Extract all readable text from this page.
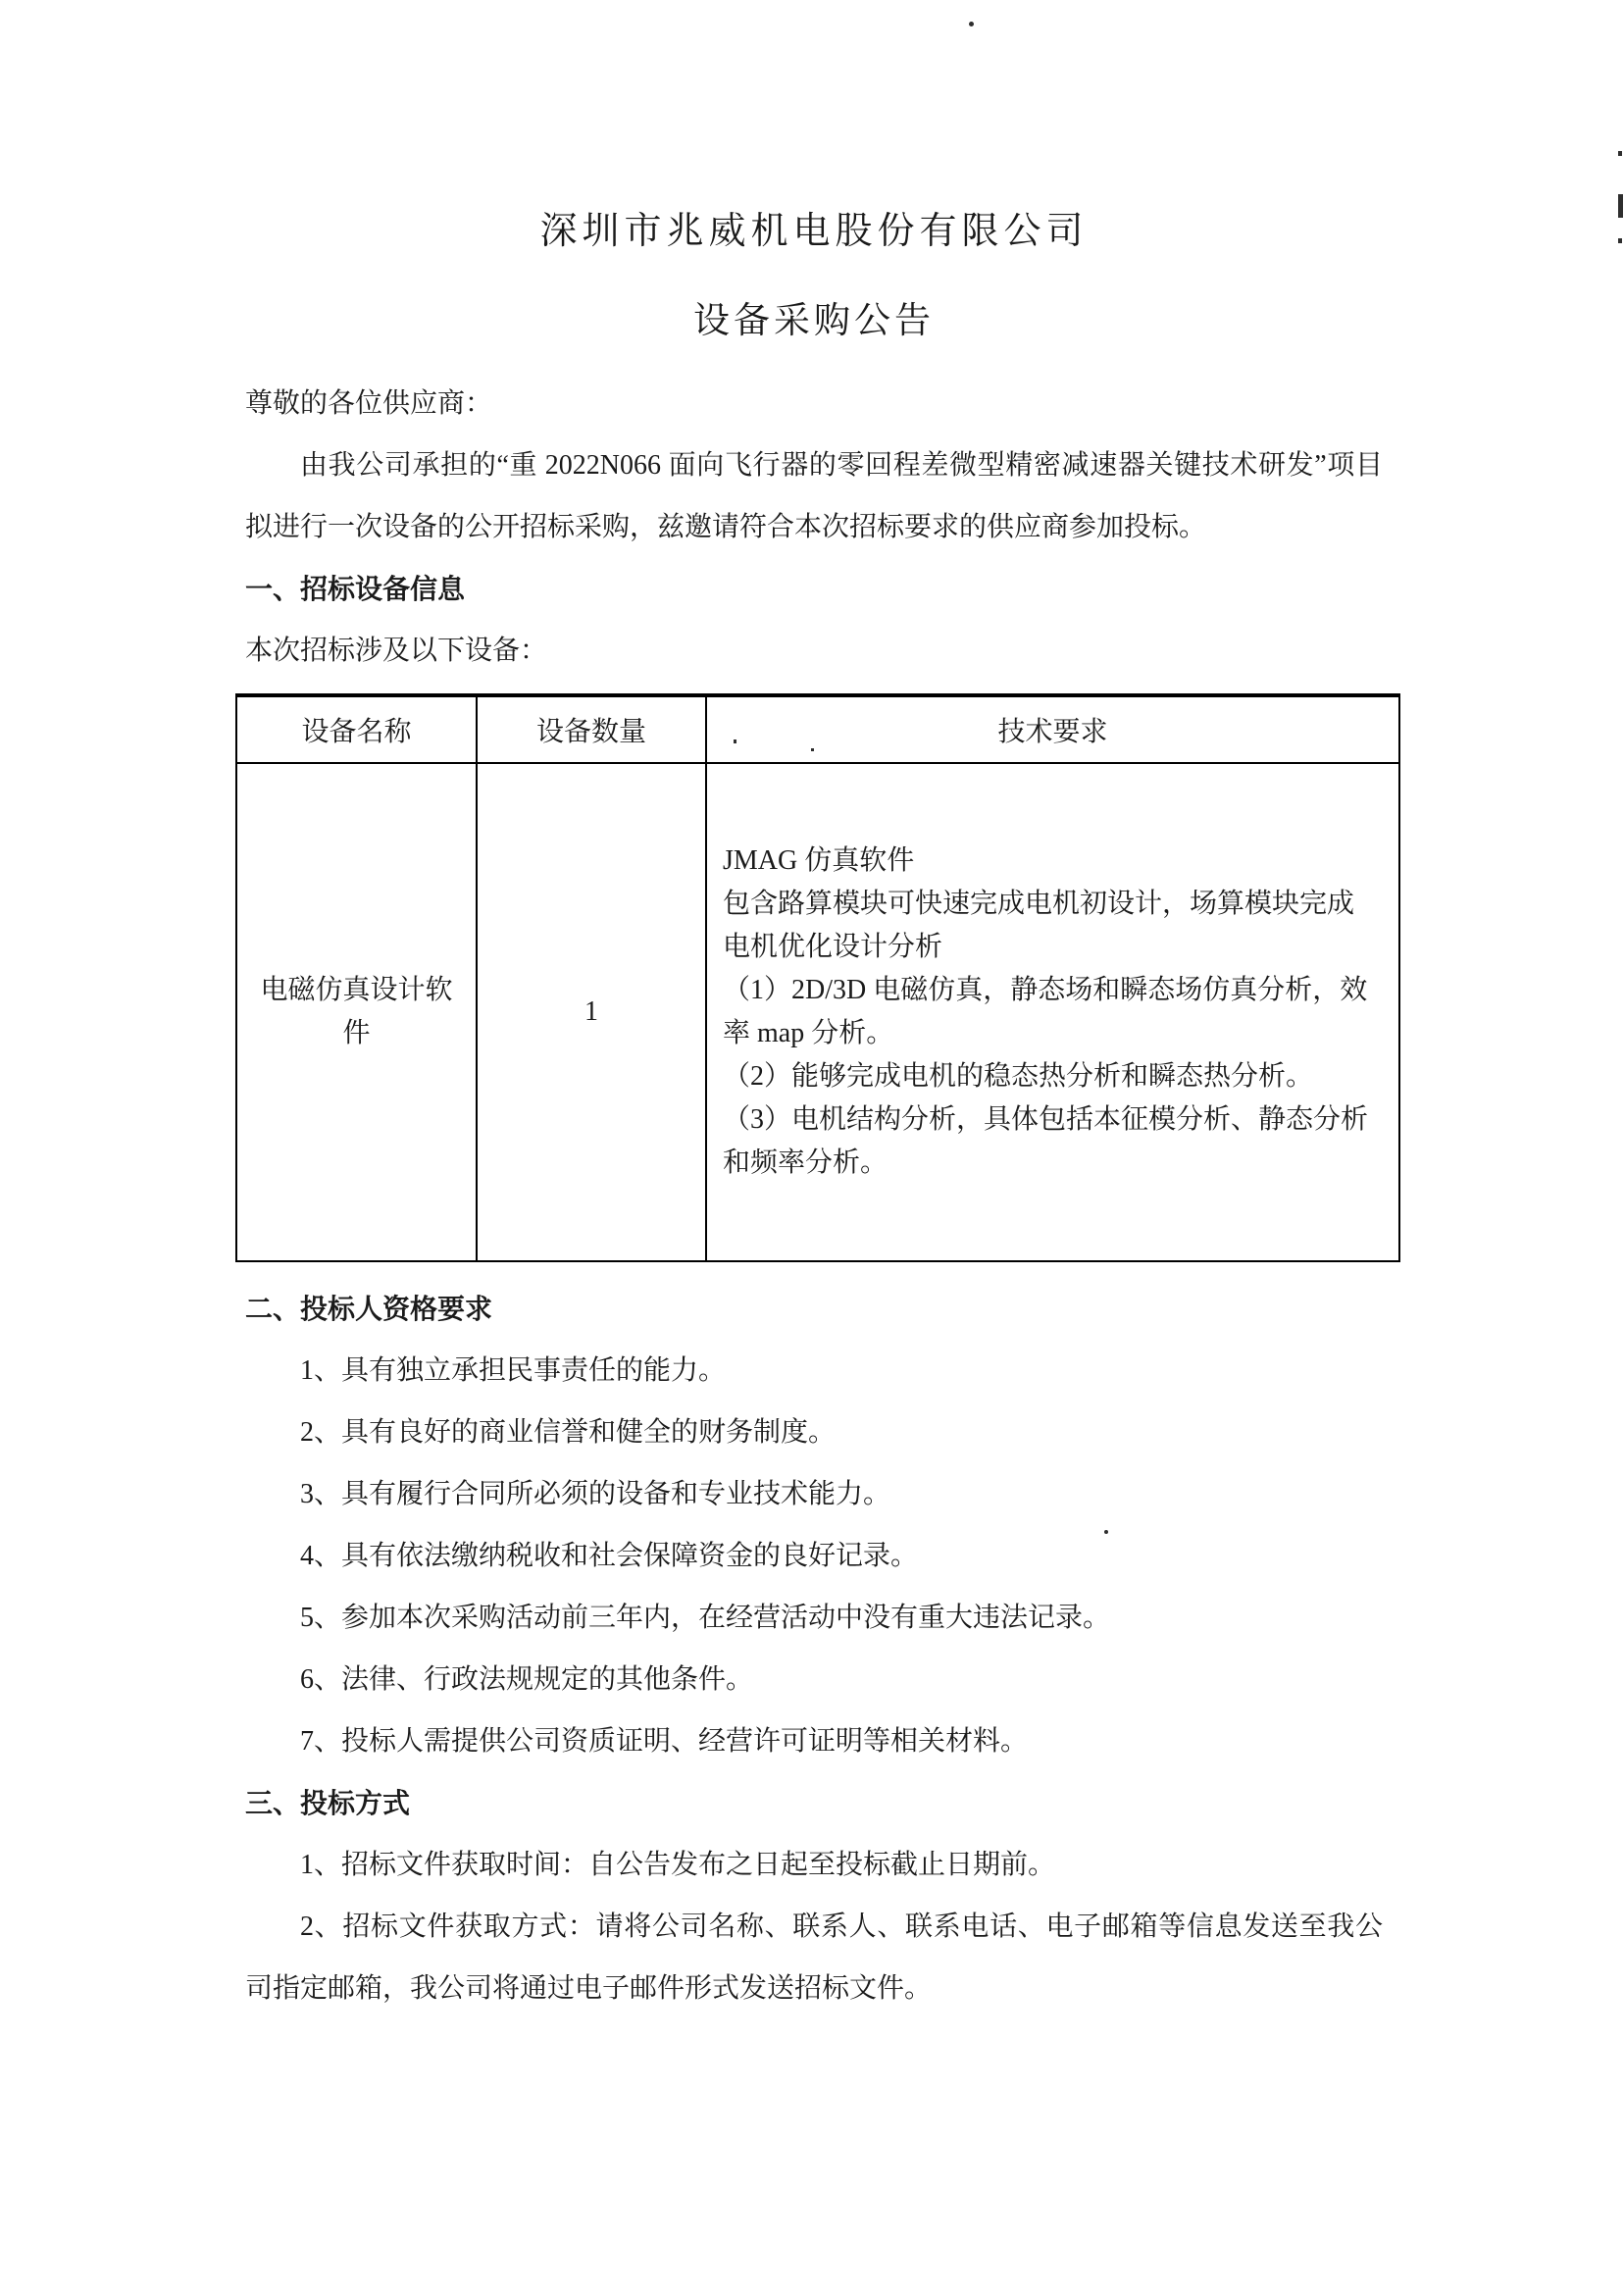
深圳市兆威机电股份有限公司
设备采购公告
尊敬的各位供应商：

由我公司承担的“重 2022N066 面向飞行器的零回程差微型精密减速器关键技术研发”项目拟进行一次设备的公开招标采购，兹邀请符合本次招标要求的供应商参加投标。

一、招标设备信息
本次招标涉及以下设备：
设备名称	设备数量	技术要求
电磁仿真设计软件	1	JMAG 仿真软件

包含路算模块可快速完成电机初设计，场算模块完成电机优化设计分析

（1）2D/3D 电磁仿真，静态场和瞬态场仿真分析，效率 map 分析。

（2）能够完成电机的稳态热分析和瞬态热分析。

（3）电机结构分析，具体包括本征模分析、静态分析和频率分析。

二、投标人资格要求
1、具有独立承担民事责任的能力。
2、具有良好的商业信誉和健全的财务制度。
3、具有履行合同所必须的设备和专业技术能力。
4、具有依法缴纳税收和社会保障资金的良好记录。
5、参加本次采购活动前三年内，在经营活动中没有重大违法记录。
6、法律、行政法规规定的其他条件。
7、投标人需提供公司资质证明、经营许可证明等相关材料。
三、投标方式
1、招标文件获取时间：自公告发布之日起至投标截止日期前。
2、招标文件获取方式：请将公司名称、联系人、联系电话、电子邮箱等信息发送至我公司指定邮箱，我公司将通过电子邮件形式发送招标文件。
